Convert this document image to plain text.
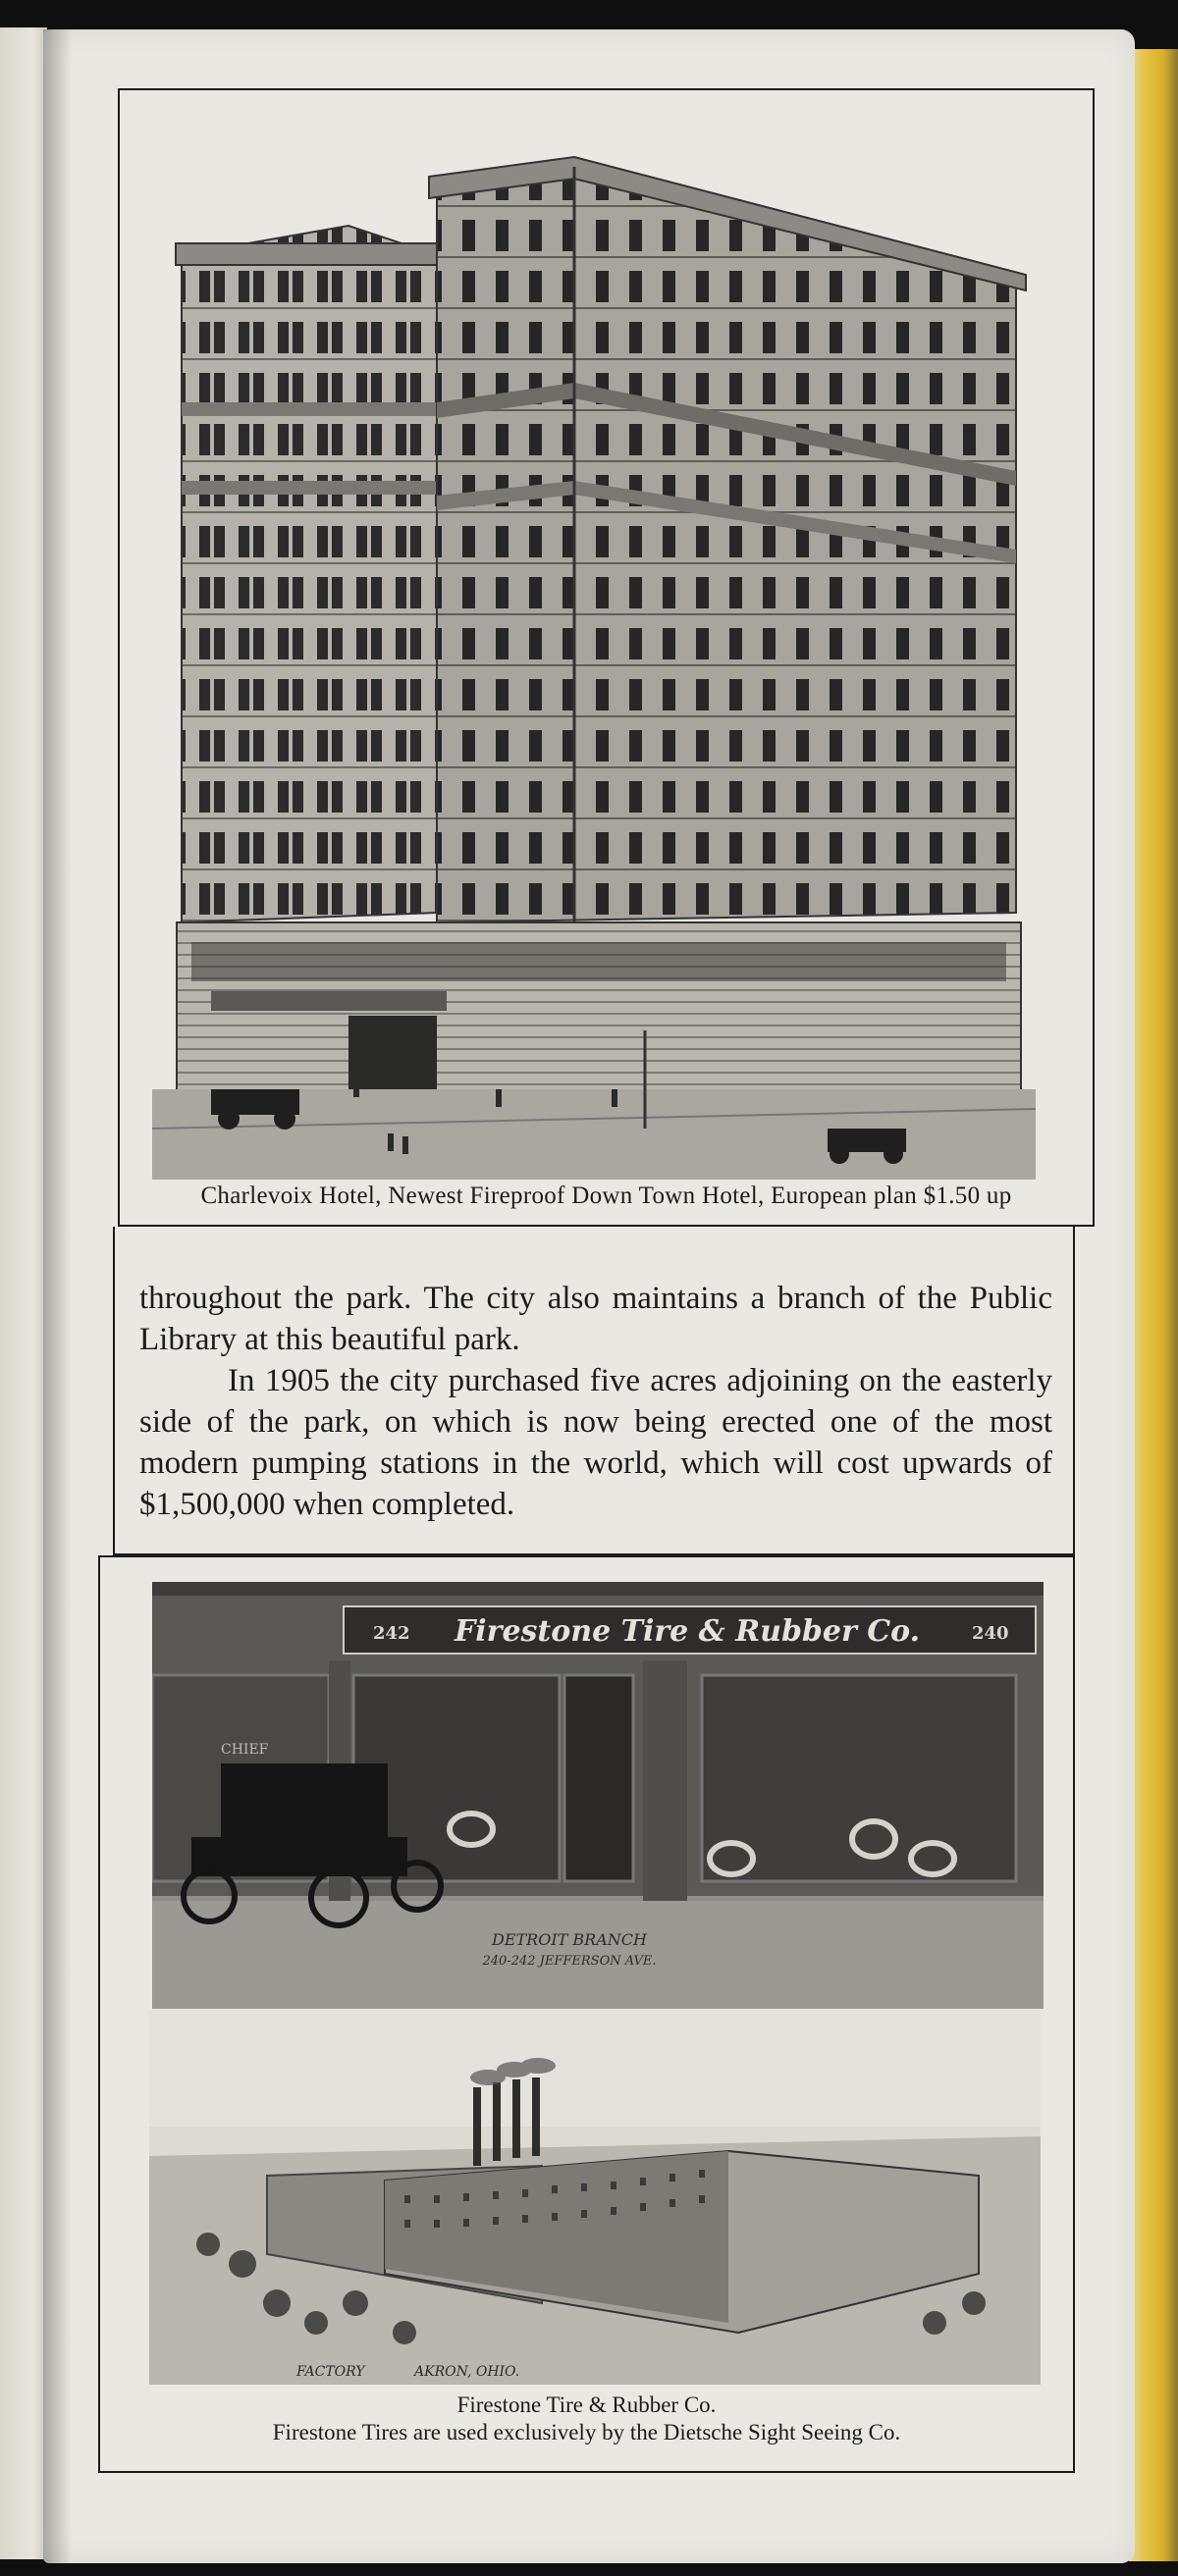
Charlevoix Hotel, Newest Fireproof Down Town Hotel, European plan $1.50 up

throughout the park. The city also maintains a branch of the Public Library at this beautiful park.

In 1905 the city purchased five acres adjoining on the easterly side of the park, on which is now being erected one of the most modern pumping stations in the world, which will cost upwards of $1,500,000 when completed.

242 Firestone Tire & Rubber Co.	240
CHIEF
DETROIT BRANCH
240-242 JEFFERSON AVE.
FACTORY	AKRON, OHIO.
Firestone Tire & Rubber Co.
Firestone Tires are used exclusively by the Dietsche Sight Seeing Co.
